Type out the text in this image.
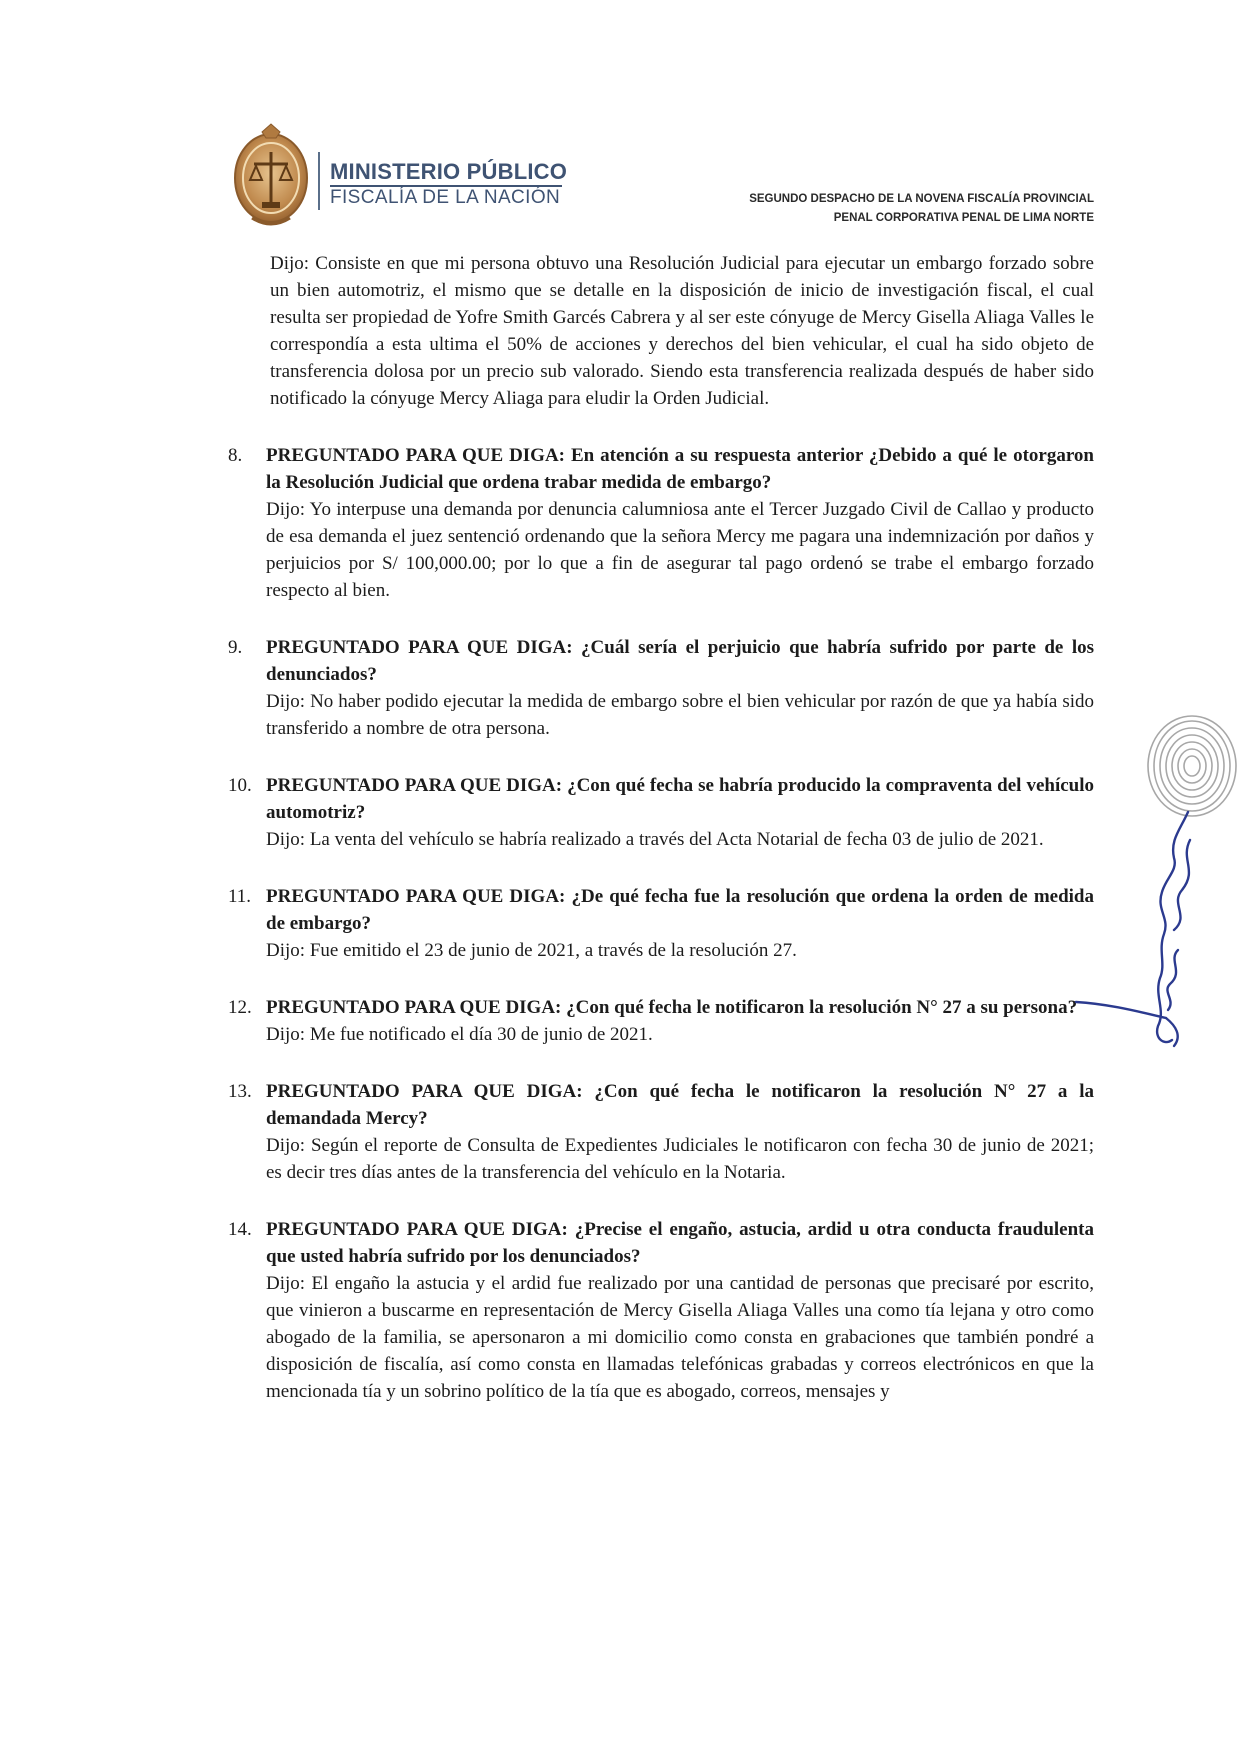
MINISTERIO PÚBLICO
FISCALÍA DE LA NACIÓN	SEGUNDO DESPACHO DE LA NOVENA FISCALÍA PROVINCIAL
PENAL CORPORATIVA PENAL DE LIMA NORTE
Dijo: Consiste en que mi persona obtuvo una Resolución Judicial para ejecutar un embargo forzado sobre un bien automotriz, el mismo que se detalle en la disposición de inicio de investigación fiscal, el cual resulta ser propiedad de Yofre Smith Garcés Cabrera y al ser este cónyuge de Mercy Gisella Aliaga Valles le correspondía a esta ultima el 50% de acciones y derechos del bien vehicular, el cual ha sido objeto de transferencia dolosa por un precio sub valorado. Siendo esta transferencia realizada después de haber sido notificado la cónyuge Mercy Aliaga para eludir la Orden Judicial.
8.	PREGUNTADO PARA QUE DIGA: En atención a su respuesta anterior ¿Debido a qué le otorgaron la Resolución Judicial que ordena trabar medida de embargo?
Dijo: Yo interpuse una demanda por denuncia calumniosa ante el Tercer Juzgado Civil de Callao y producto de esa demanda el juez sentenció ordenando que la señora Mercy me pagara una indemnización por daños y perjuicios por S/ 100,000.00; por lo que a fin de asegurar tal pago ordenó se trabe el embargo forzado respecto al bien.
9.	PREGUNTADO PARA QUE DIGA: ¿Cuál sería el perjuicio que habría sufrido por parte de los denunciados?
Dijo: No haber podido ejecutar la medida de embargo sobre el bien vehicular por razón de que ya había sido transferido a nombre de otra persona.
10. PREGUNTADO PARA QUE DIGA: ¿Con qué fecha se habría producido la compraventa del vehículo automotriz?
Dijo: La venta del vehículo se habría realizado a través del Acta Notarial de fecha 03 de julio de 2021.
11. PREGUNTADO PARA QUE DIGA: ¿De qué fecha fue la resolución que ordena la orden de medida de embargo?
Dijo: Fue emitido el 23 de junio de 2021, a través de la resolución 27.
12. PREGUNTADO PARA QUE DIGA: ¿Con qué fecha le notificaron la resolución N° 27 a su persona?
Dijo: Me fue notificado el día 30 de junio de 2021.
13. PREGUNTADO PARA QUE DIGA: ¿Con qué fecha le notificaron la resolución N° 27 a la demandada Mercy?
Dijo: Según el reporte de Consulta de Expedientes Judiciales le notificaron con fecha 30 de junio de 2021; es decir tres días antes de la transferencia del vehículo en la Notaria.
14. PREGUNTADO PARA QUE DIGA: ¿Precise el engaño, astucia, ardid u otra conducta fraudulenta que usted habría sufrido por los denunciados?
Dijo: El engaño la astucia y el ardid fue realizado por una cantidad de personas que precisaré por escrito, que vinieron a buscarme en representación de Mercy Gisella Aliaga Valles una como tía lejana y otro como abogado de la familia, se apersonaron a mi domicilio como consta en grabaciones que también pondré a disposición de fiscalía, así como consta en llamadas telefónicas grabadas y correos electrónicos en que la mencionada tía y un sobrino político de la tía que es abogado, correos, mensajes y
